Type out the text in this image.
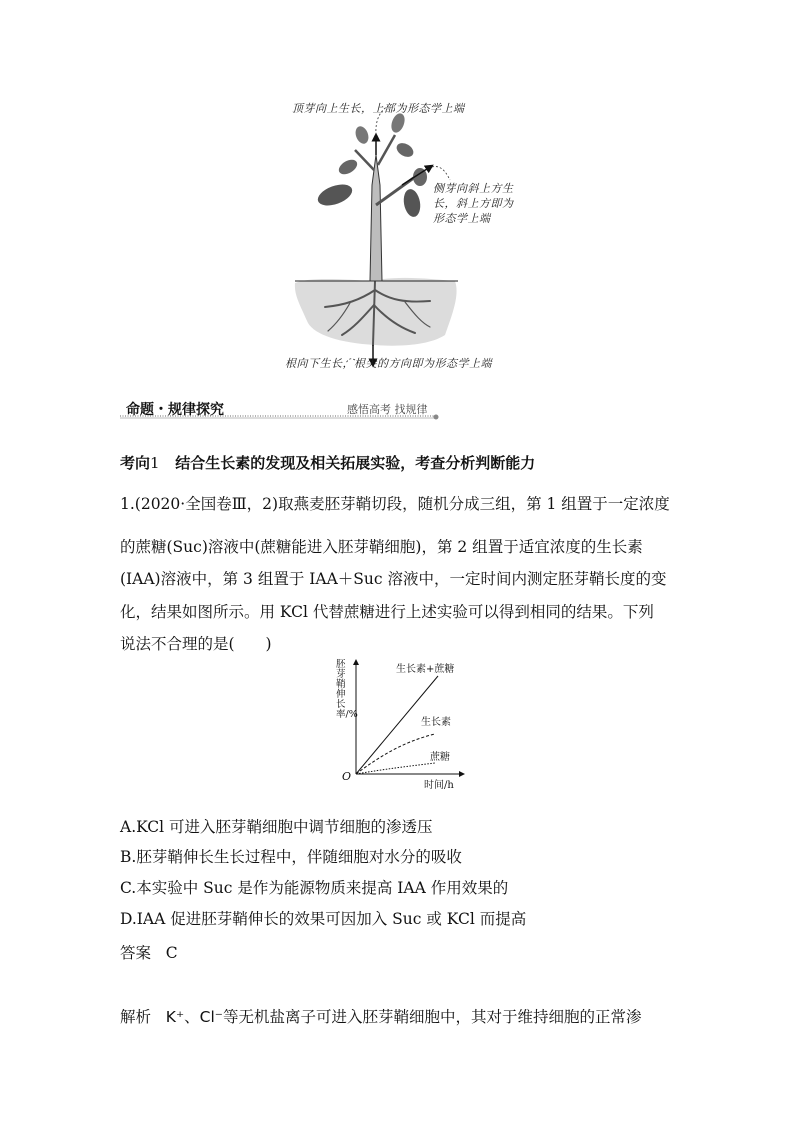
顶芽向上生长，上部为形态学上端
侧芽向斜上方生
长，斜上方即为
形态学上端
根向下生长，根尖的方向即为形态学上端
命题・规律探究	感悟高考 找规律
考向1 结合生长素的发现及相关拓展实验，考查分析判断能力
1.(2020·全国卷Ⅲ，2)取燕麦胚芽鞘切段，随机分成三组，第 1 组置于一定浓度
的蔗糖(Suc)溶液中(蔗糖能进入胚芽鞘细胞)，第 2 组置于适宜浓度的生长素
(IAA)溶液中，第 3 组置于 IAA＋Suc 溶液中，一定时间内测定胚芽鞘长度的变
化，结果如图所示。用 KCl 代替蔗糖进行上述实验可以得到相同的结果。下列
说法不合理的是(　　)
胚芽鞘伸长率/%
O
时间/h
生长素+蔗糖
生长素
蔗糖
A.KCl 可进入胚芽鞘细胞中调节细胞的渗透压
B.胚芽鞘伸长生长过程中，伴随细胞对水分的吸收
C.本实验中 Suc 是作为能源物质来提高 IAA 作用效果的
D.IAA 促进胚芽鞘伸长的效果可因加入 Suc 或 KCl 而提高
答案 C
解析 K⁺、Cl⁻等无机盐离子可进入胚芽鞘细胞中，其对于维持细胞的正常渗
